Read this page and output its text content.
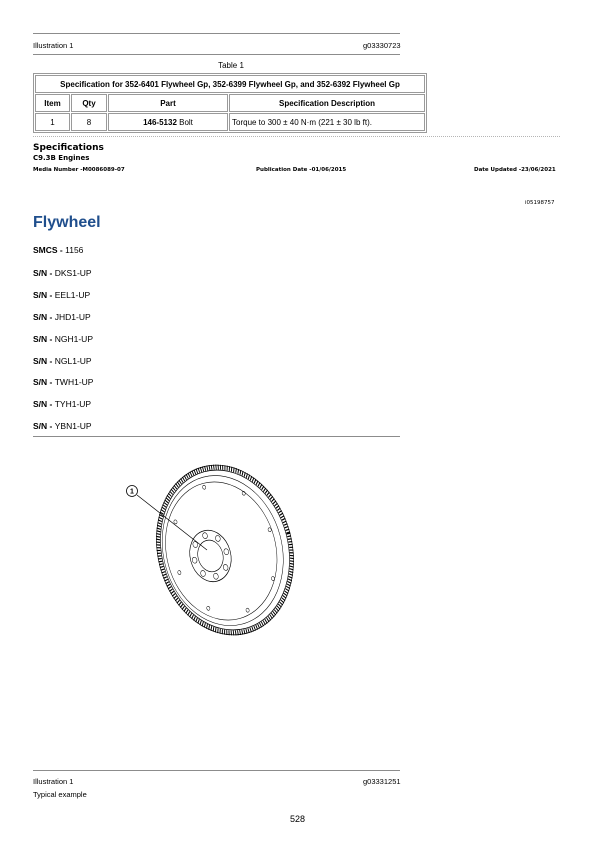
Illustration 1	g03330723
Table 1
Specification for 352-6401 Flywheel Gp, 352-6399 Flywheel Gp, and 352-6392 Flywheel Gp			
Item	Qty	Part	Specification Description
1	8	146-5132 Bolt	Torque to 300 ± 40 N·m (221 ± 30 lb ft).
Specifications
C9.3B Engines
Media Number -M0086089-07	Publication Date -01/06/2015	Date Updated -23/06/2021
i05198757
Flywheel
SMCS - 1156
S/N - DKS1-UP
S/N - EEL1-UP
S/N - JHD1-UP
S/N - NGH1-UP
S/N - NGL1-UP
S/N - TWH1-UP
S/N - TYH1-UP
S/N - YBN1-UP
1
Illustration 1	g03331251
Typical example
528
